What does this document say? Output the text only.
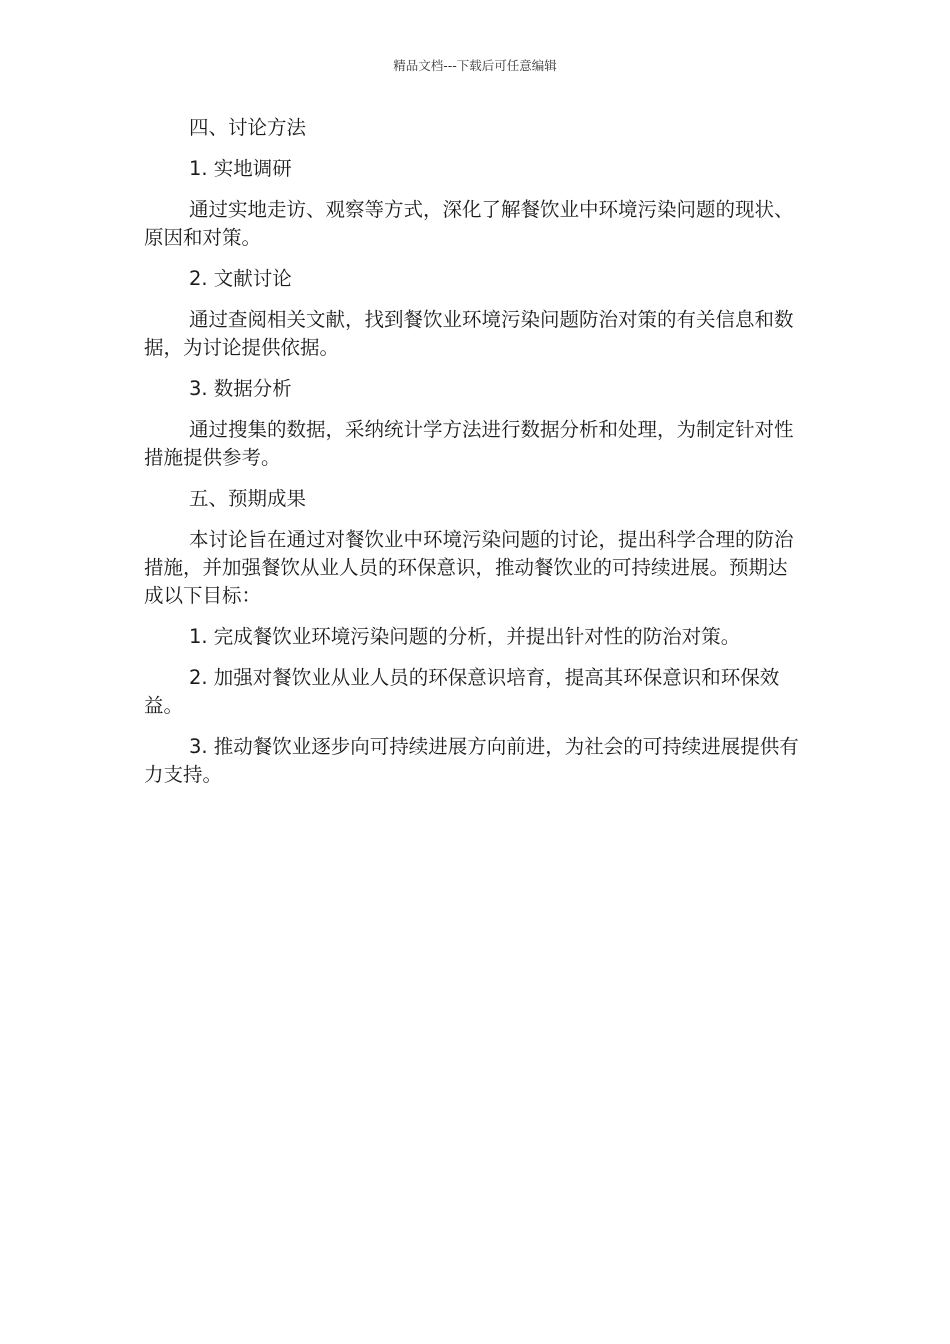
精品文档---下载后可任意编辑

四、讨论方法

1. 实地调研

通过实地走访、观察等方式，深化了解餐饮业中环境污染问题的现状、原因和对策。

2. 文献讨论

通过查阅相关文献，找到餐饮业环境污染问题防治对策的有关信息和数据，为讨论提供依据。

3. 数据分析

通过搜集的数据，采纳统计学方法进行数据分析和处理，为制定针对性措施提供参考。

五、预期成果

本讨论旨在通过对餐饮业中环境污染问题的讨论，提出科学合理的防治措施，并加强餐饮从业人员的环保意识，推动餐饮业的可持续进展。预期达成以下目标：

1. 完成餐饮业环境污染问题的分析，并提出针对性的防治对策。

2. 加强对餐饮业从业人员的环保意识培育，提高其环保意识和环保效益。

3. 推动餐饮业逐步向可持续进展方向前进，为社会的可持续进展提供有力支持。
